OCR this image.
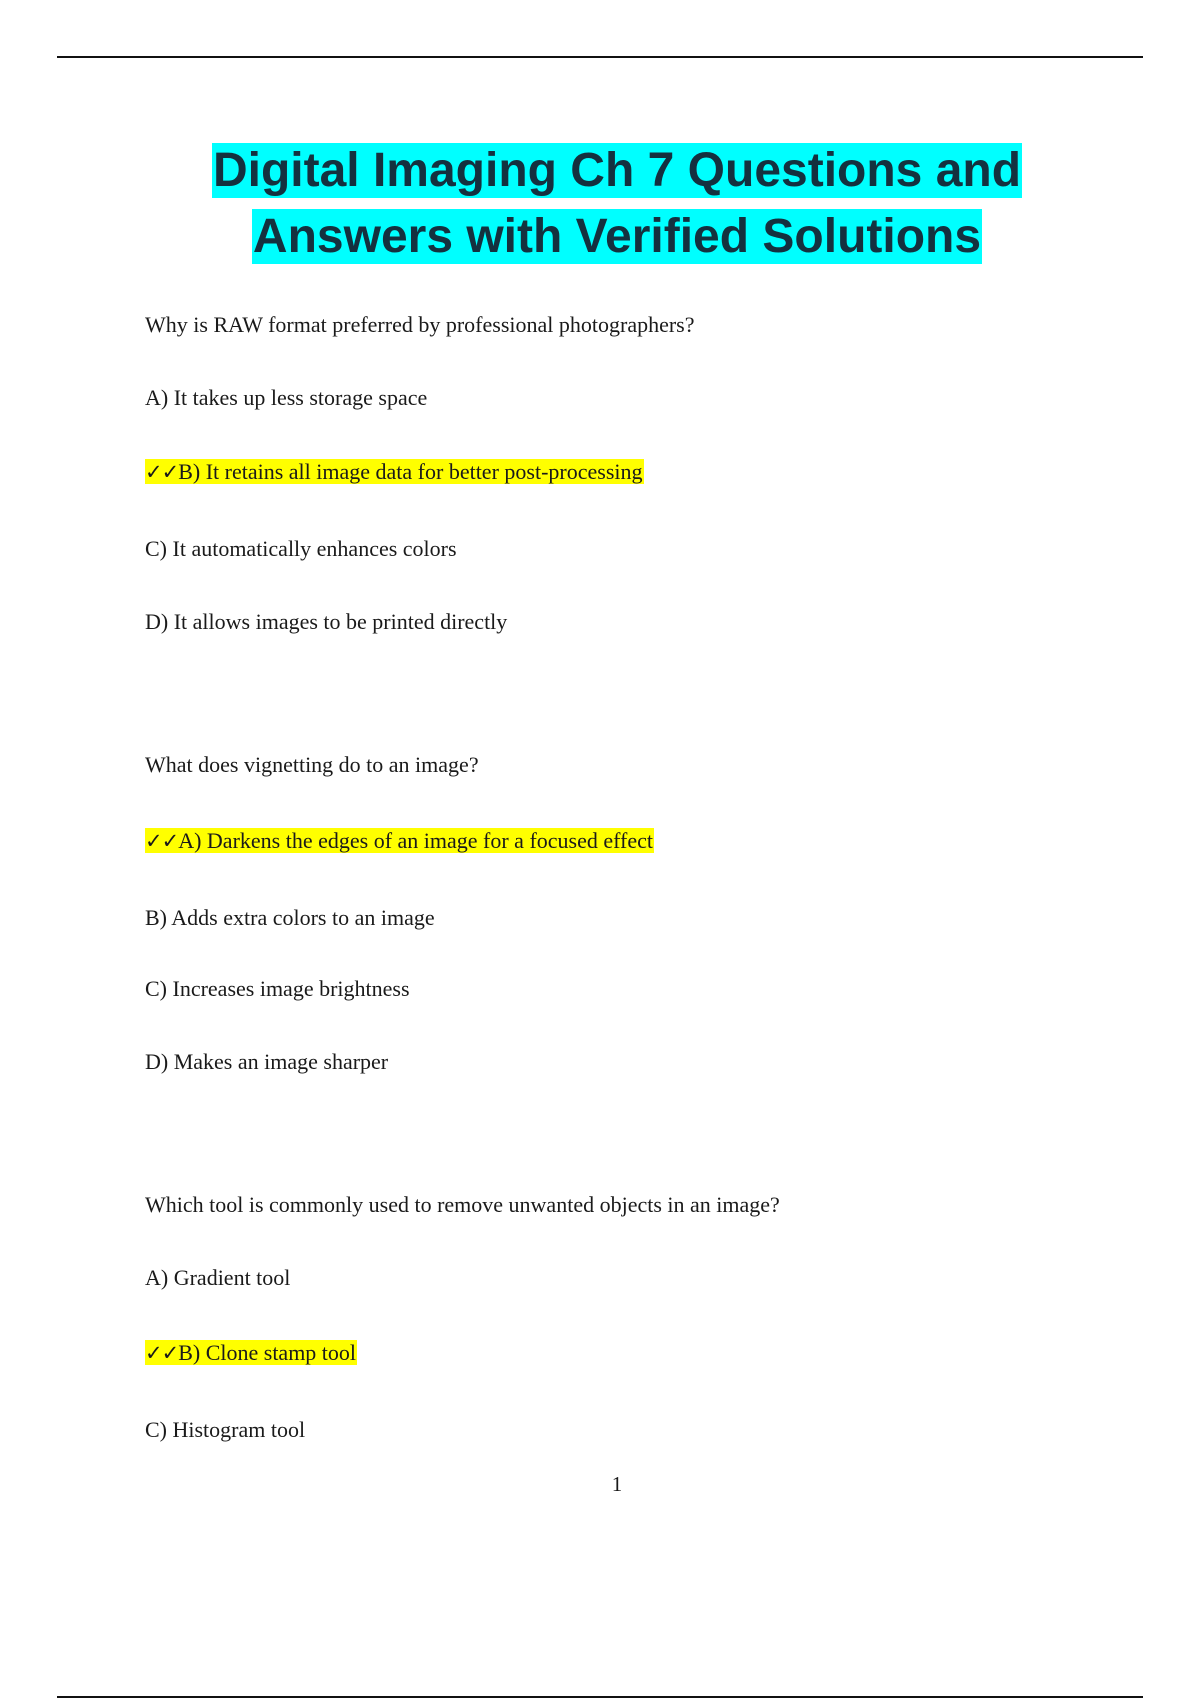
Digital Imaging Ch 7 Questions and
Answers with Verified Solutions

Why is RAW format preferred by professional photographers?

A) It takes up less storage space

✓✓B) It retains all image data for better post-processing

C) It automatically enhances colors

D) It allows images to be printed directly

What does vignetting do to an image?

✓✓A) Darkens the edges of an image for a focused effect

B) Adds extra colors to an image

C) Increases image brightness

D) Makes an image sharper

Which tool is commonly used to remove unwanted objects in an image?

A) Gradient tool

✓✓B) Clone stamp tool

C) Histogram tool

1
